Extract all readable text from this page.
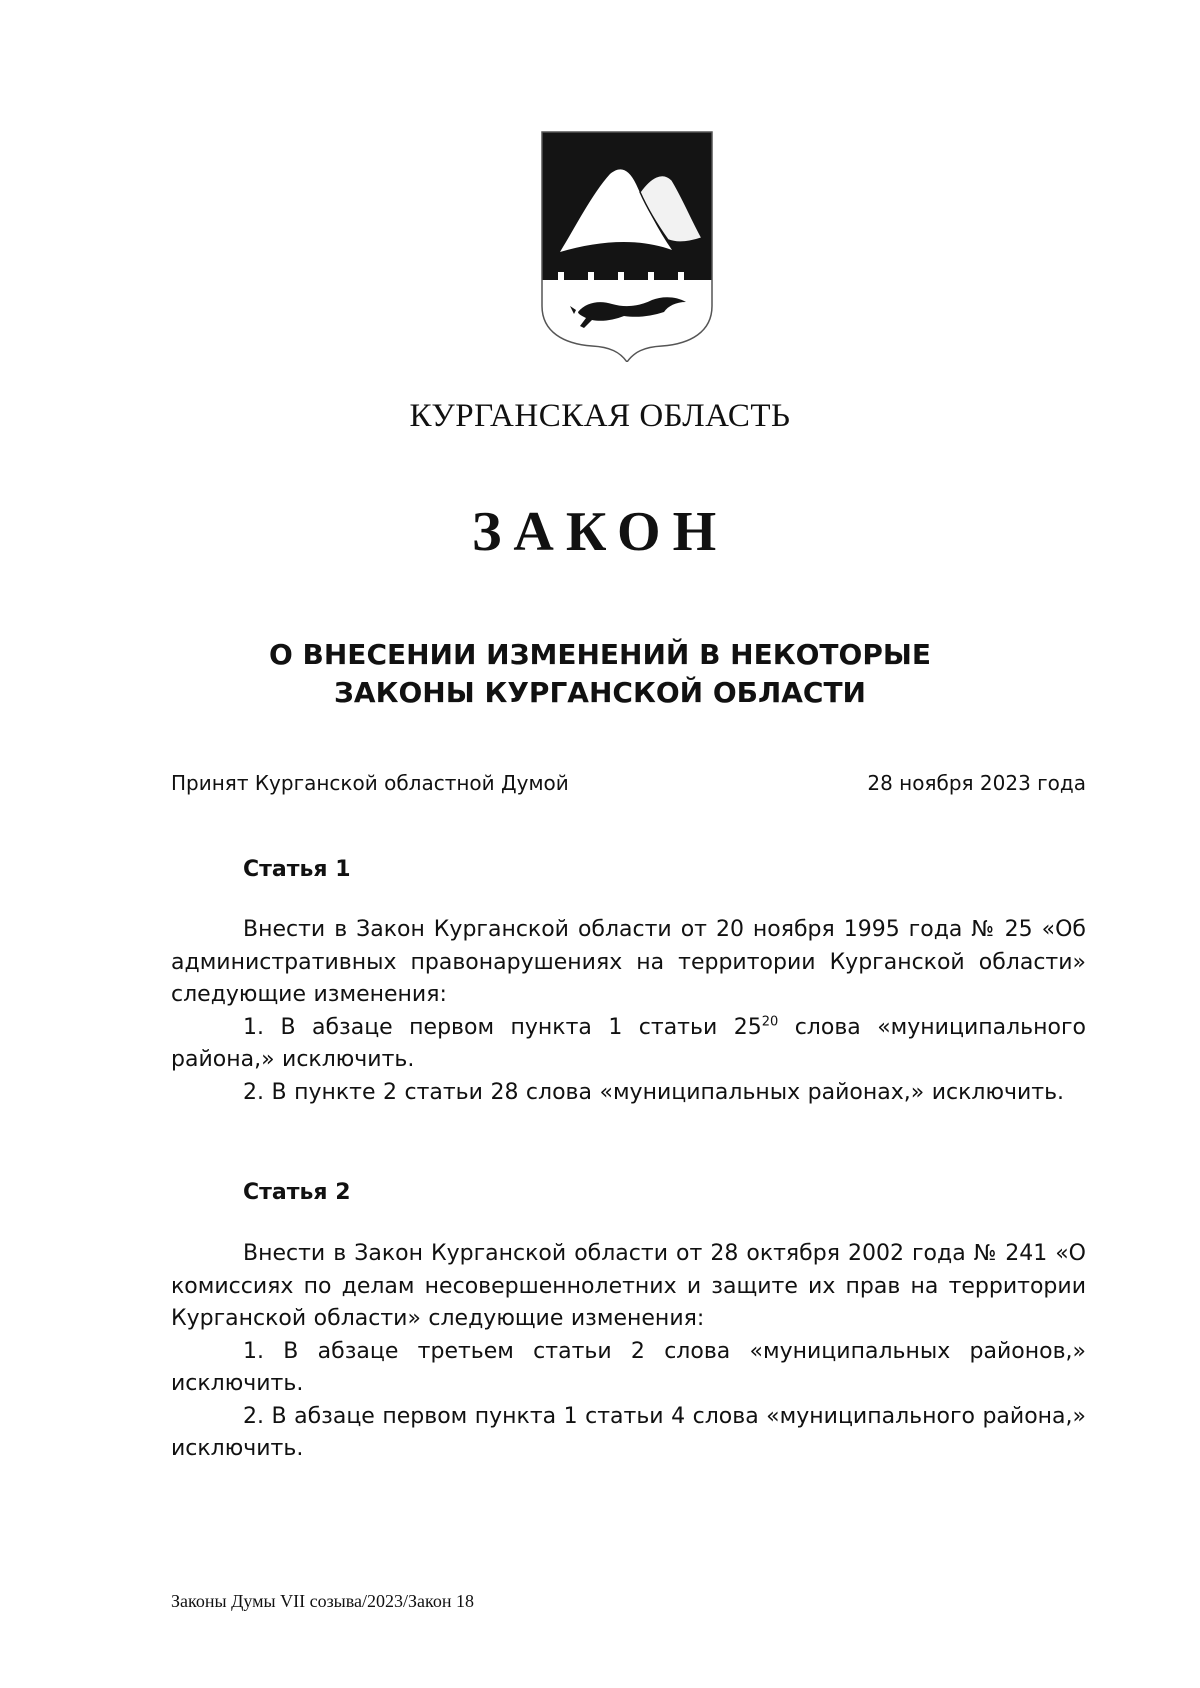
КУРГАНСКАЯ ОБЛАСТЬ
ЗАКОН
О ВНЕСЕНИИ ИЗМЕНЕНИЙ В НЕКОТОРЫЕ
ЗАКОНЫ КУРГАНСКОЙ ОБЛАСТИ
Принят Курганской областной Думой	28 ноября 2023 года
Статья 1

Внести в Закон Курганской области от 20 ноября 1995 года № 25 «Об административных правонарушениях на территории Курганской области» следующие изменения:

1. В абзаце первом пункта 1 статьи $25^{20}$ слова «муниципального района,» исключить.

2. В пункте 2 статьи 28 слова «муниципальных районах,» исключить.

Статья 2

Внести в Закон Курганской области от 28 октября 2002 года № 241 «О комиссиях по делам несовершеннолетних и защите их прав на территории Курганской области» следующие изменения:

1. В абзаце третьем статьи 2 слова «муниципальных районов,» исключить.

2. В абзаце первом пункта 1 статьи 4 слова «муниципального района,» исключить.

Законы Думы VII созыва/2023/Закон 18
